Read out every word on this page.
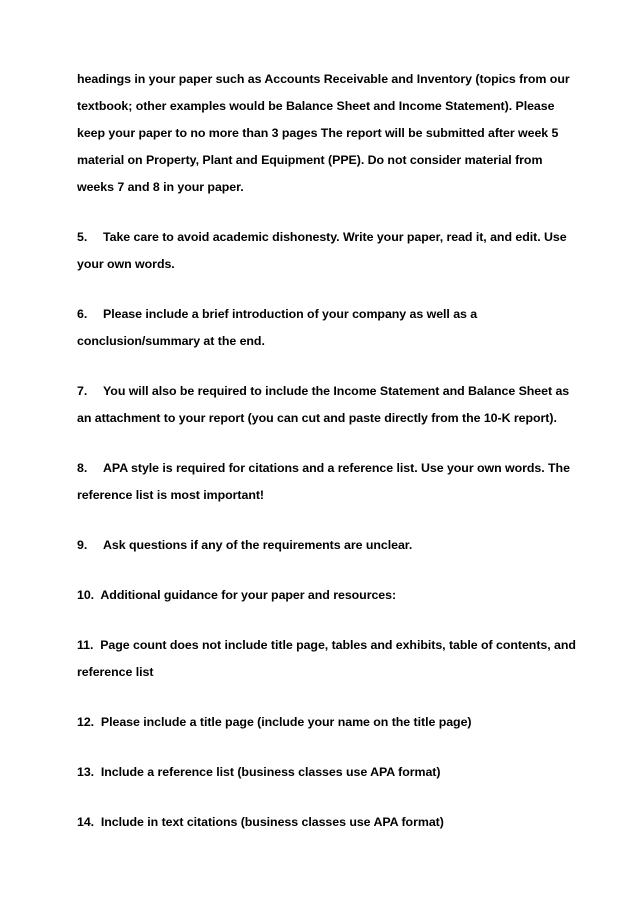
headings in your paper such as Accounts Receivable and Inventory (topics from our
textbook; other examples would be Balance Sheet and Income Statement). Please
keep your paper to no more than 3 pages The report will be submitted after week 5
material on Property, Plant and Equipment (PPE). Do not consider material from
weeks 7 and 8 in your paper.

5. Take care to avoid academic dishonesty. Write your paper, read it, and edit. Use
your own words.

6. Please include a brief introduction of your company as well as a
conclusion/summary at the end.

7. You will also be required to include the Income Statement and Balance Sheet as
an attachment to your report (you can cut and paste directly from the 10-K report).

8. APA style is required for citations and a reference list. Use your own words. The
reference list is most important!

9. Ask questions if any of the requirements are unclear.

10. Additional guidance for your paper and resources:

11. Page count does not include title page, tables and exhibits, table of contents, and
reference list

12. Please include a title page (include your name on the title page)

13. Include a reference list (business classes use APA format)

14. Include in text citations (business classes use APA format)
